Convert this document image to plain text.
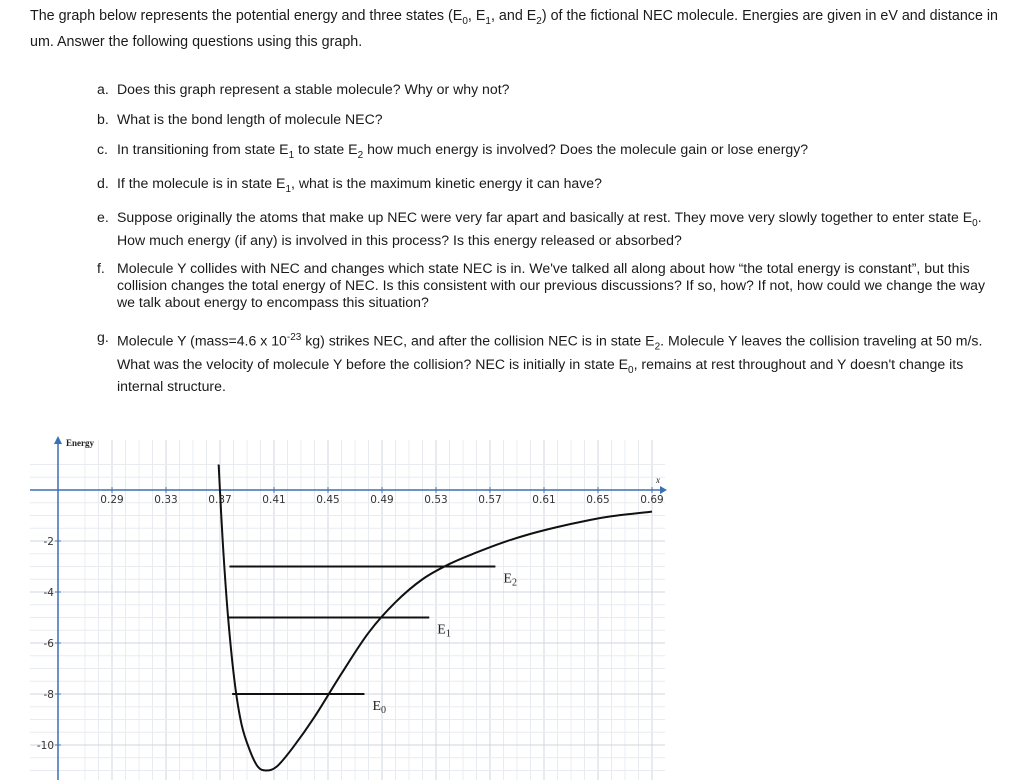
The graph below represents the potential energy and three states ($E_0$, $E_1$, and $E_2$) of the fictional NEC molecule. Energies are given in eV and distance in um. Answer the following questions using this graph.
a. Does this graph represent a stable molecule? Why or why not?
b. What is the bond length of molecule NEC?
c. In transitioning from state $E_1$ to state $E_2$ how much energy is involved? Does the molecule gain or lose energy?
d. If the molecule is in state $E_1$, what is the maximum kinetic energy it can have?
e. Suppose originally the atoms that make up NEC were very far apart and basically at rest. They move very slowly together to enter state $E_0$. How much energy (if any) is involved in this process? Is this energy released or absorbed?
f. Molecule Y collides with NEC and changes which state NEC is in. We've talked all along about how “the total energy is constant”, but this collision changes the total energy of NEC. Is this consistent with our previous discussions? If so, how? If not, how could we change the way we talk about energy to encompass this situation?
g. Molecule Y (mass=4.6 x $10^{-23}$ kg) strikes NEC, and after the collision NEC is in state $E_2$. Molecule Y leaves the collision traveling at 50 m/s. What was the velocity of molecule Y before the collision? NEC is initially in state $E_0$, remains at rest throughout and Y doesn't change its internal structure.
0.29	0.33	0.37	0.41	0.45	0.49	0.53	0.57	0.61	0.65	0.69
-2
-4
-6
-8
-10
$E_0$
$E_1$
$E_2$
Energy
x
